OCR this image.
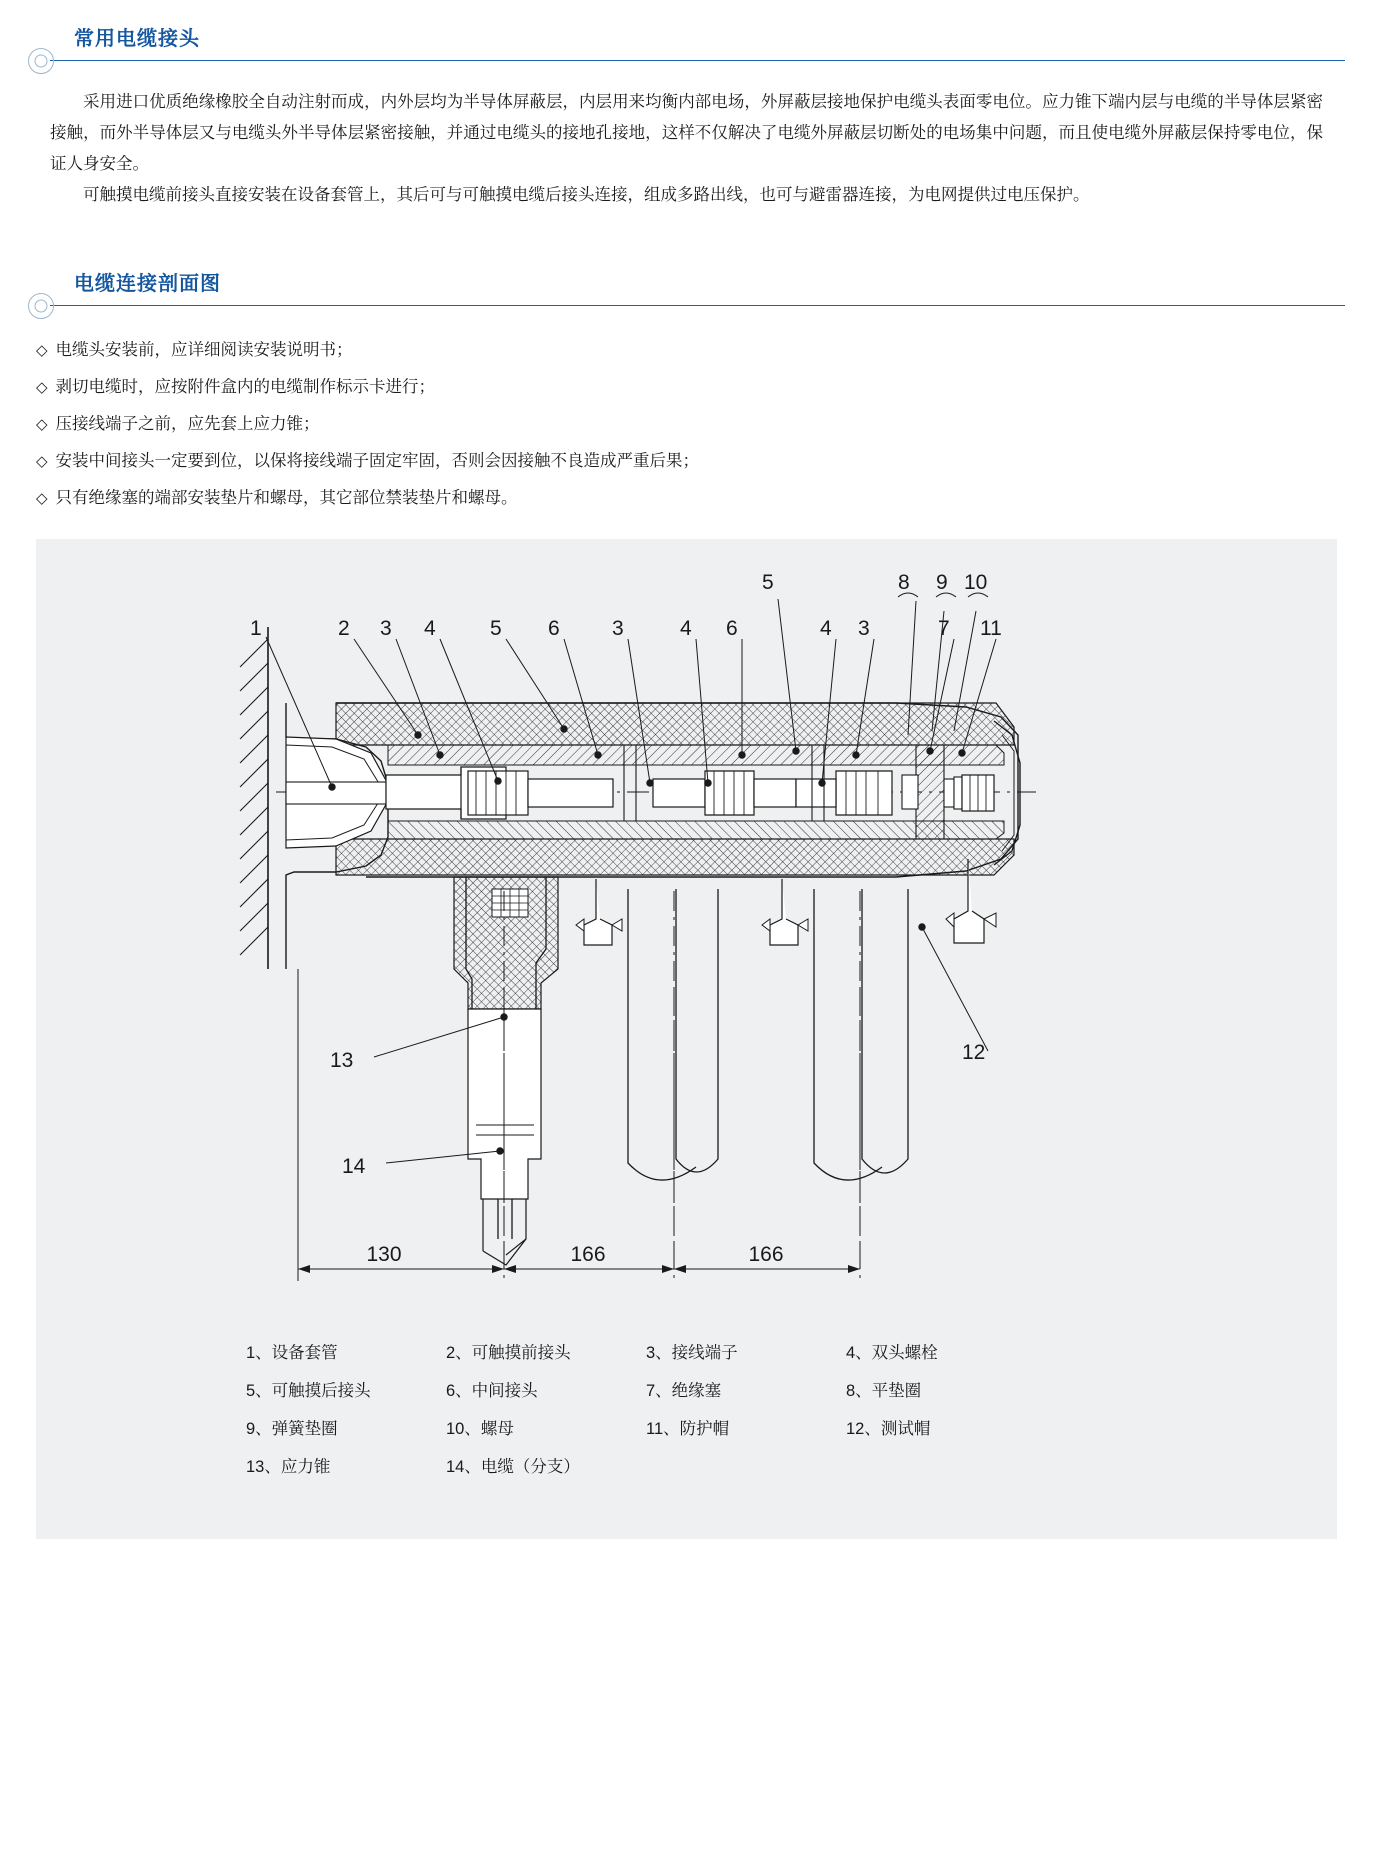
常用电缆接头

采用进口优质绝缘橡胶全自动注射而成，内外层均为半导体屏蔽层，内层用来均衡内部电场，外屏蔽层接地保护电缆头表面零电位。应力锥下端内层与电缆的半导体层紧密接触，而外半导体层又与电缆头外半导体层紧密接触，并通过电缆头的接地孔接地，这样不仅解决了电缆外屏蔽层切断处的电场集中问题，而且使电缆外屏蔽层保持零电位，保证人身安全。

可触摸电缆前接头直接安装在设备套管上，其后可与可触摸电缆后接头连接，组成多路出线，也可与避雷器连接，为电网提供过电压保护。

电缆连接剖面图
◇ 电缆头安装前，应详细阅读安装说明书；
◇ 剥切电缆时，应按附件盒内的电缆制作标示卡进行；
◇ 压接线端子之前，应先套上应力锥；
◇ 安装中间接头一定要到位，以保将接线端子固定牢固，否则会因接触不良造成严重后果；
◇ 只有绝缘塞的端部安装垫片和螺母，其它部位禁装垫片和螺母。
1	2 3 4	5 6 3	4 6
5
4 3
8 9 10
7 11
13
14
12
130	166	166
1、设备套管	2、可触摸前接头	3、接线端子	4、双头螺栓
5、可触摸后接头	6、中间接头	7、绝缘塞	8、平垫圈
9、弹簧垫圈	10、螺母	11、防护帽	12、测试帽
13、应力锥	14、电缆（分支）
